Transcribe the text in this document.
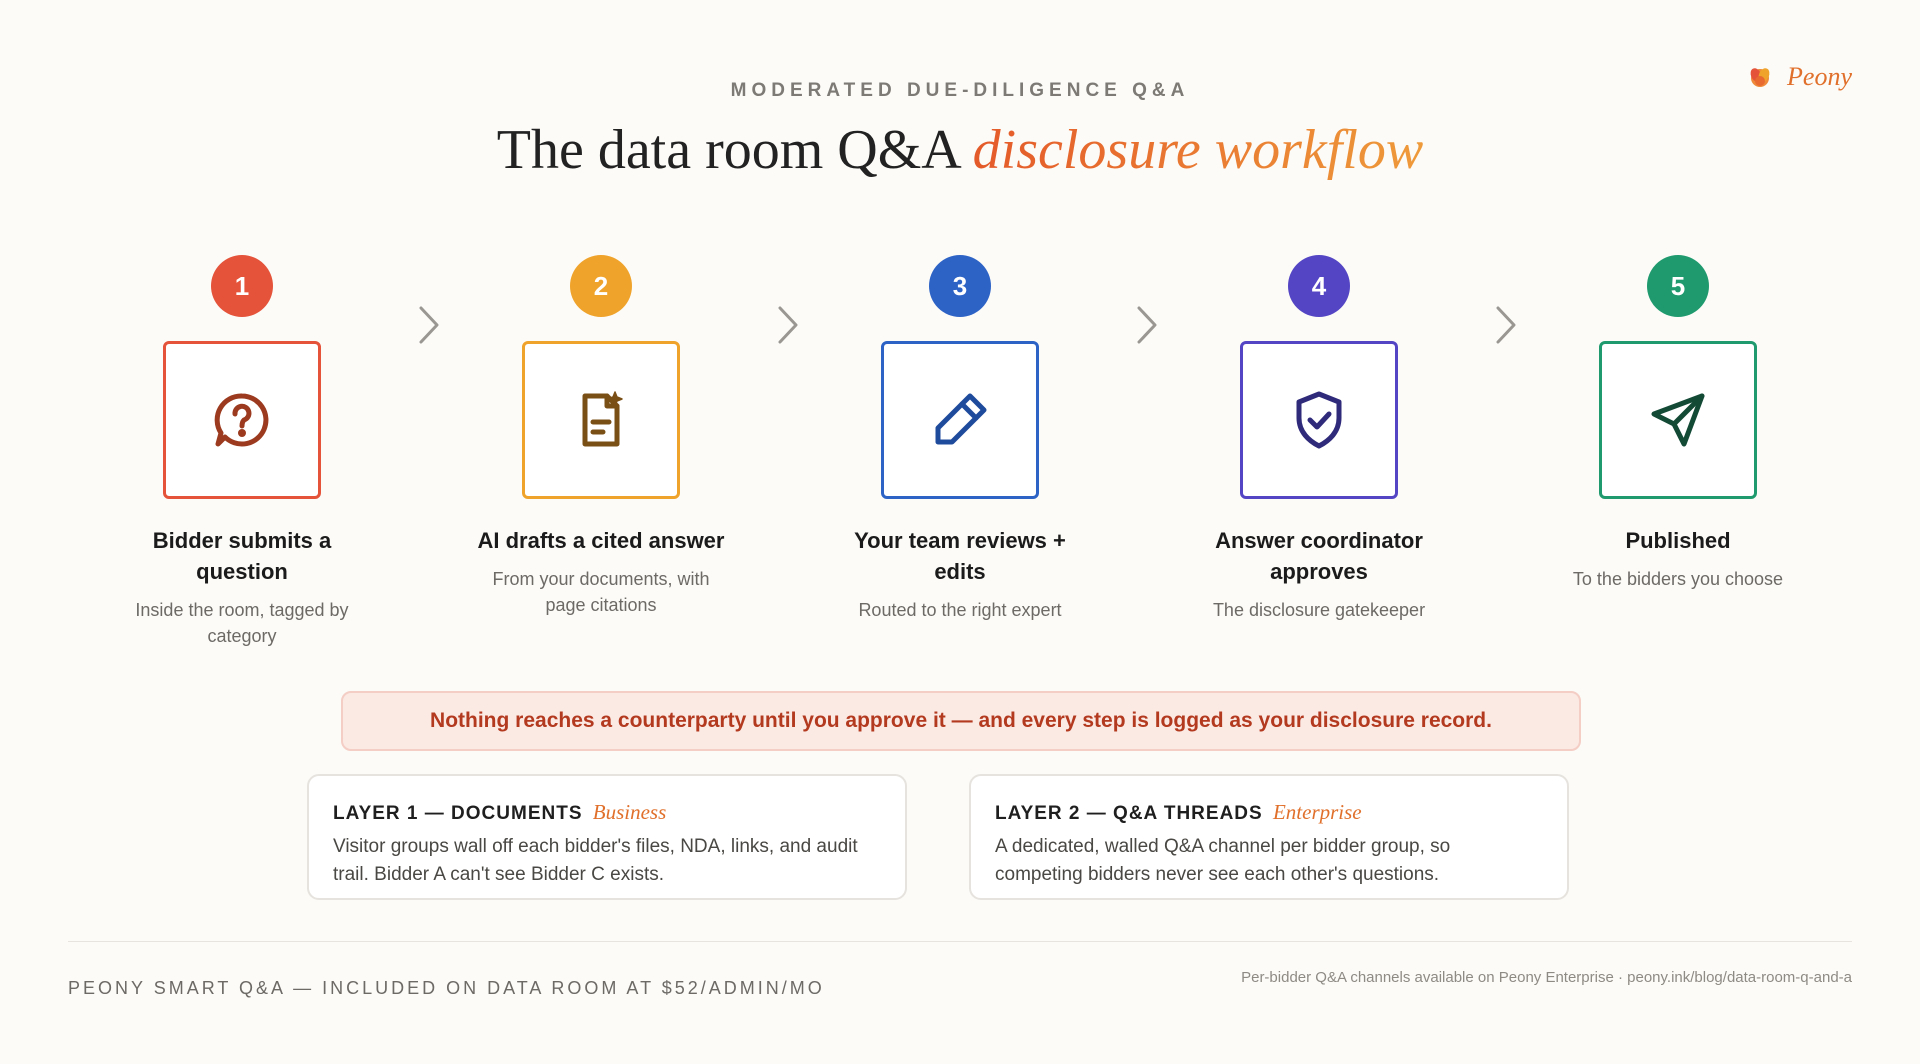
Peony
MODERATED DUE-DILIGENCE Q&A
The data room Q&A disclosure workflow
1
Bidder submits a question
Inside the room, tagged by category
2
AI drafts a cited answer
From your documents, with page citations
3
Your team reviews + edits
Routed to the right expert
4
Answer coordinator approves
The disclosure gatekeeper
5
Published
To the bidders you choose
Nothing reaches a counterparty until you approve it — and every step is logged as your disclosure record.
LAYER 1 — DOCUMENTS Business
Visitor groups wall off each bidder's files, NDA, links, and audit trail. Bidder A can't see Bidder C exists.
LAYER 2 — Q&A THREADS Enterprise
A dedicated, walled Q&A channel per bidder group, so competing bidders never see each other's questions.
PEONY SMART Q&A — INCLUDED ON DATA ROOM AT $52/ADMIN/MO
Per-bidder Q&A channels available on Peony Enterprise · peony.ink/blog/data-room-q-and-a
